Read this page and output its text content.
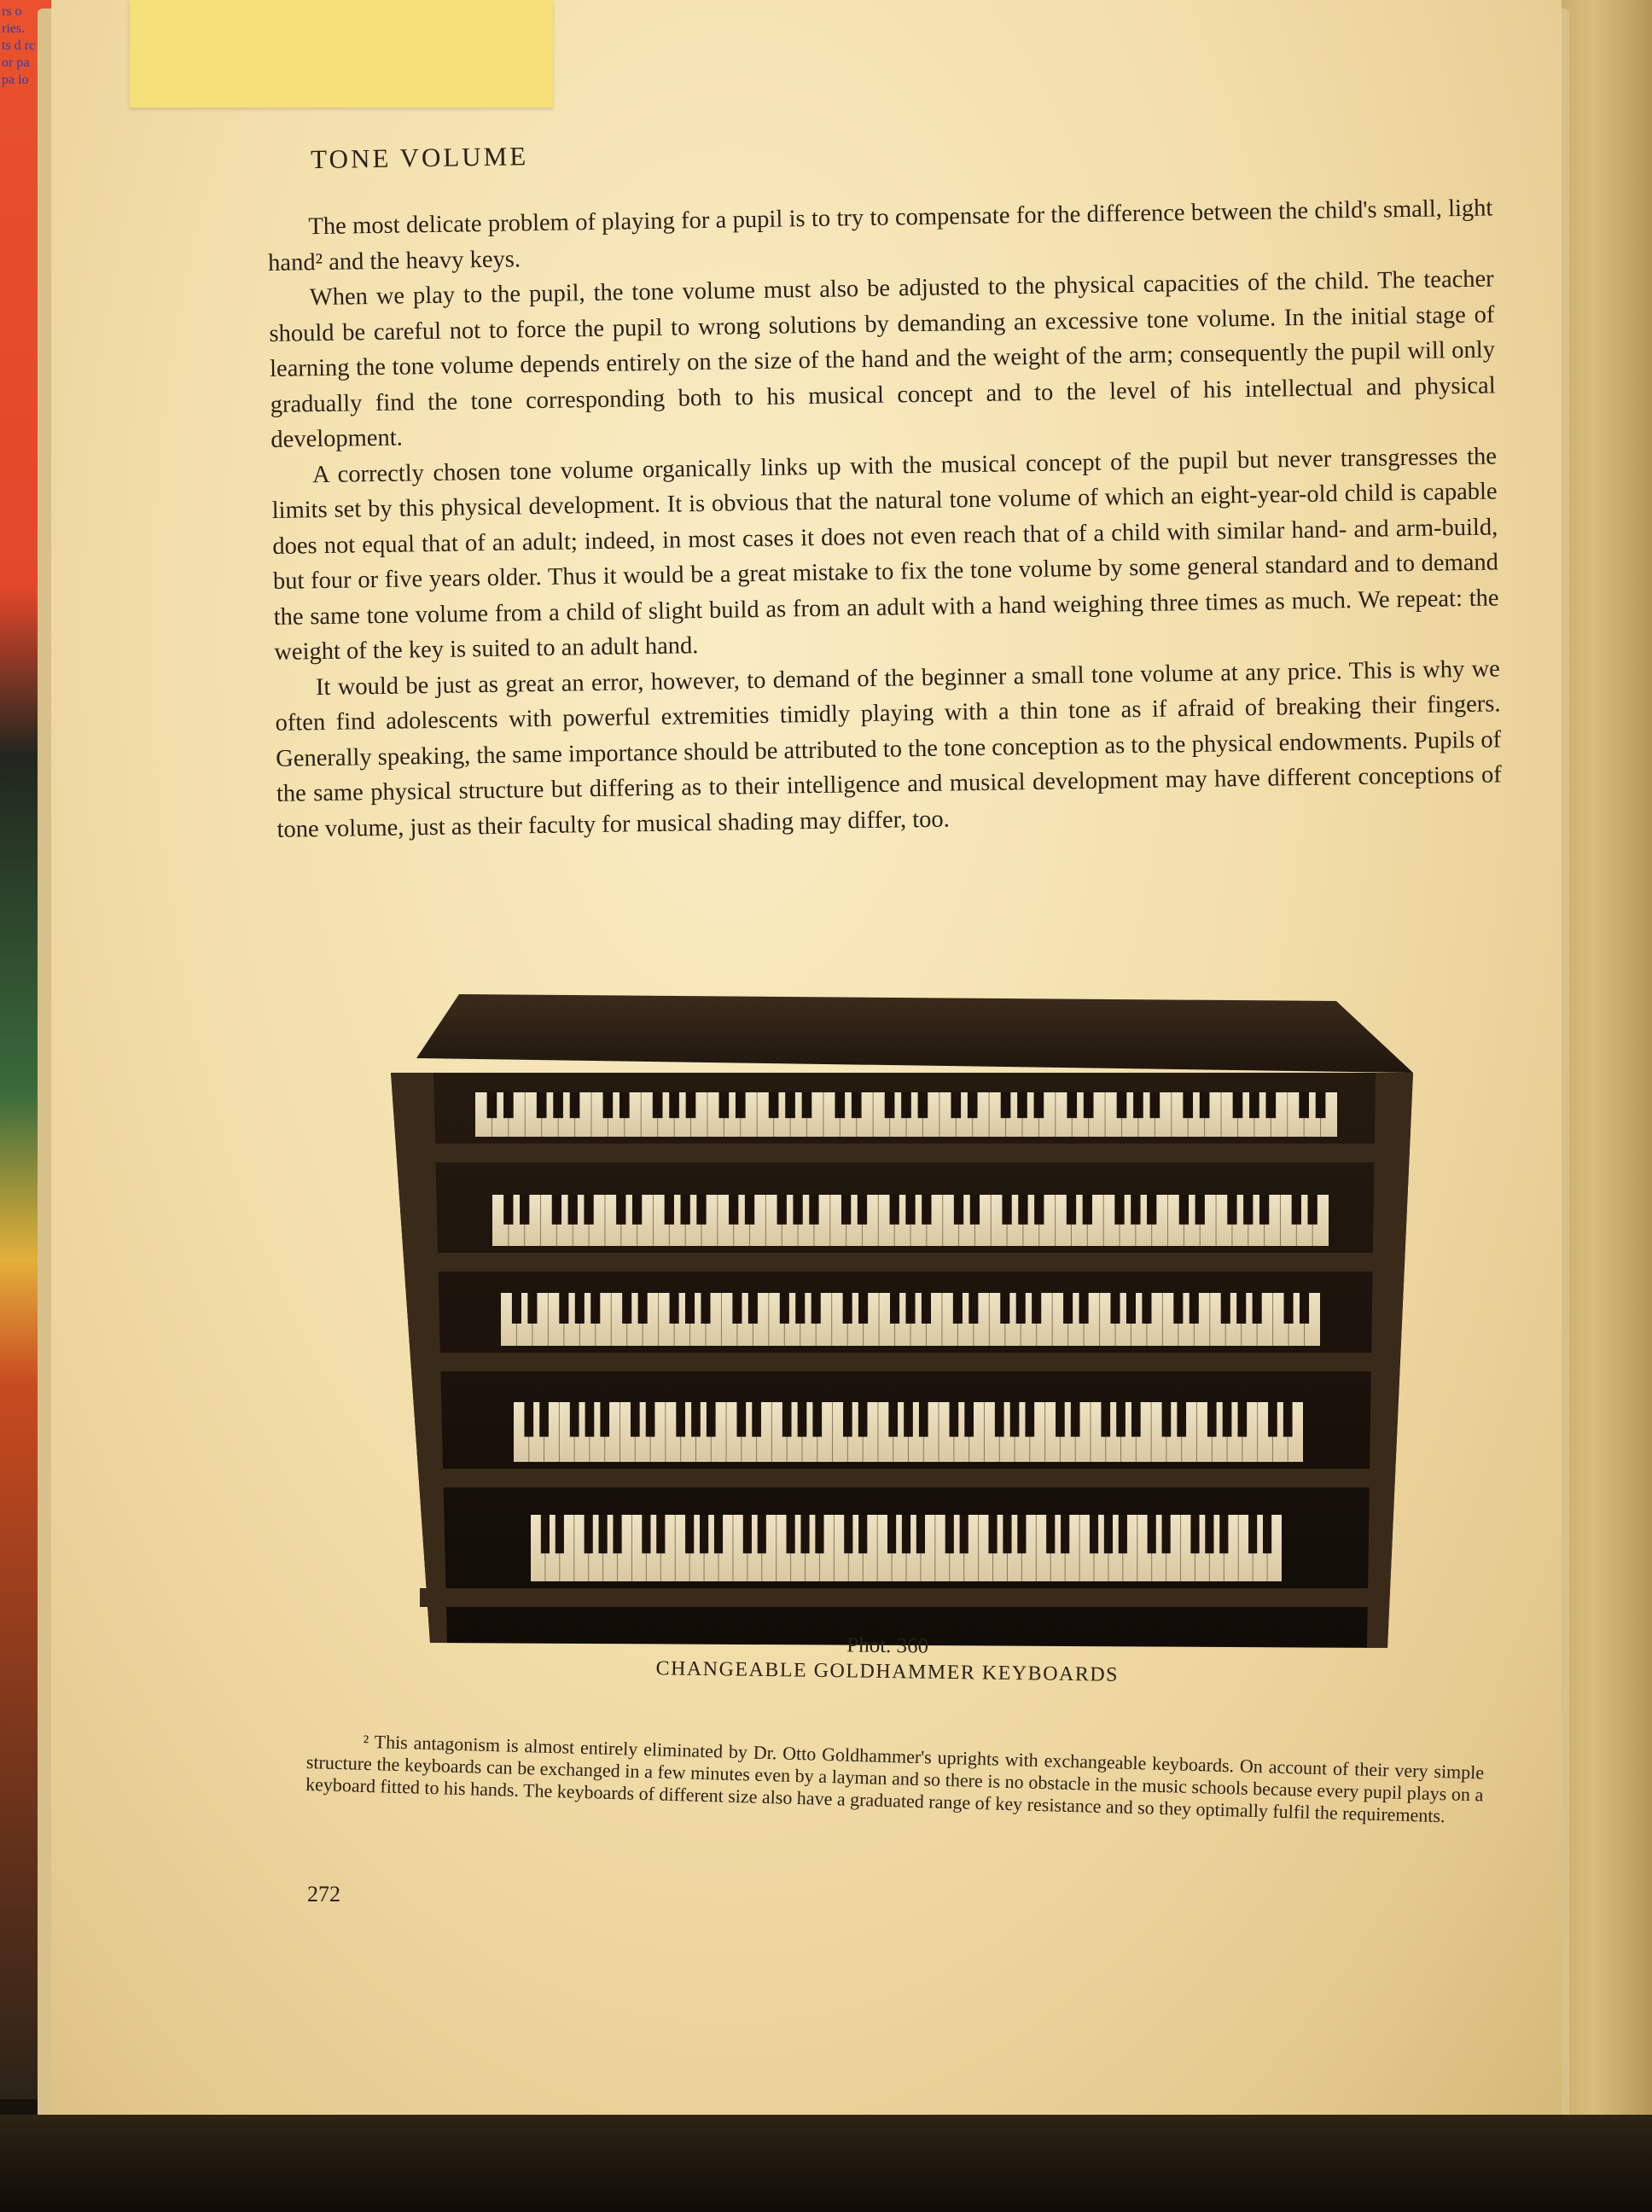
rs o ries. ts d rc or pa pa io
TONE VOLUME

The most delicate problem of playing for a pupil is to try to compensate for the difference between the child's small, light hand² and the heavy keys.

When we play to the pupil, the tone volume must also be adjusted to the physical capacities of the child. The teacher should be careful not to force the pupil to wrong solutions by demanding an excessive tone volume. In the initial stage of learning the tone volume depends entirely on the size of the hand and the weight of the arm; consequently the pupil will only gradually find the tone corresponding both to his musical concept and to the level of his intellectual and physical development.

A correctly chosen tone volume organically links up with the musical concept of the pupil but never transgresses the limits set by this physical development. It is obvious that the natural tone volume of which an eight-year-old child is capable does not equal that of an adult; indeed, in most cases it does not even reach that of a child with similar hand- and arm-build, but four or five years older. Thus it would be a great mistake to fix the tone volume by some general standard and to demand the same tone volume from a child of slight build as from an adult with a hand weighing three times as much. We repeat: the weight of the key is suited to an adult hand.

It would be just as great an error, however, to demand of the beginner a small tone volume at any price. This is why we often find adolescents with powerful extremities timidly playing with a thin tone as if afraid of breaking their fingers. Generally speaking, the same importance should be attributed to the tone conception as to the physical endowments. Pupils of the same physical structure but differing as to their intelligence and musical development may have different conceptions of tone volume, just as their faculty for musical shading may differ, too.

Phot. 360
CHANGEABLE GOLDHAMMER KEYBOARDS

² This antagonism is almost entirely eliminated by Dr. Otto Goldhammer's uprights with exchangeable keyboards. On account of their very simple structure the keyboards can be exchanged in a few minutes even by a layman and so there is no obstacle in the music schools because every pupil plays on a keyboard fitted to his hands. The keyboards of different size also have a graduated range of key resistance and so they optimally fulfil the requirements.

272
